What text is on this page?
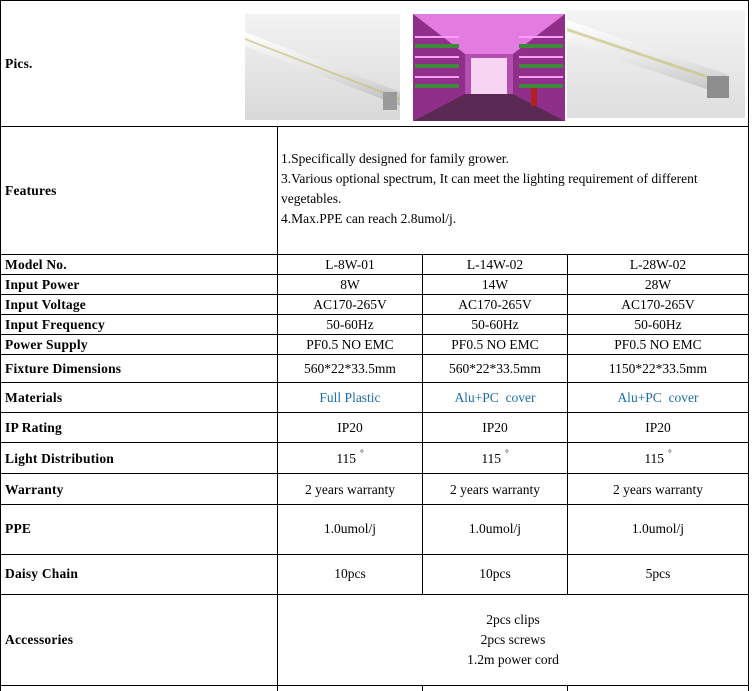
Pics.
Features
1.Specifically designed for family grower.
3.Various optional spectrum, It can meet the lighting requirement of different vegetables.
4.Max.PPE can reach 2.8umol/j.
Model No.	L-8W-01	L-14W-02	L-28W-02
Input Power	8W	14W	28W
Input Voltage	AC170-265V	AC170-265V	AC170-265V
Input Frequency	50-60Hz	50-60Hz	50-60Hz
Power Supply	PF0.5 NO EMC	PF0.5 NO EMC	PF0.5 NO EMC
Fixture Dimensions	560*22*33.5mm	560*22*33.5mm	1150*22*33.5mm
Materials	Full Plastic	Alu+PC  cover	Alu+PC  cover
IP Rating	IP20	IP20	IP20
Light Distribution	115 °	115 °	115 °
Warranty	2 years warranty	2 years warranty	2 years warranty
PPE	1.0umol/j	1.0umol/j	1.0umol/j
Daisy Chain	10pcs	10pcs	5pcs
Accessories
2pcs clips
2pcs screws
1.2m power cord
